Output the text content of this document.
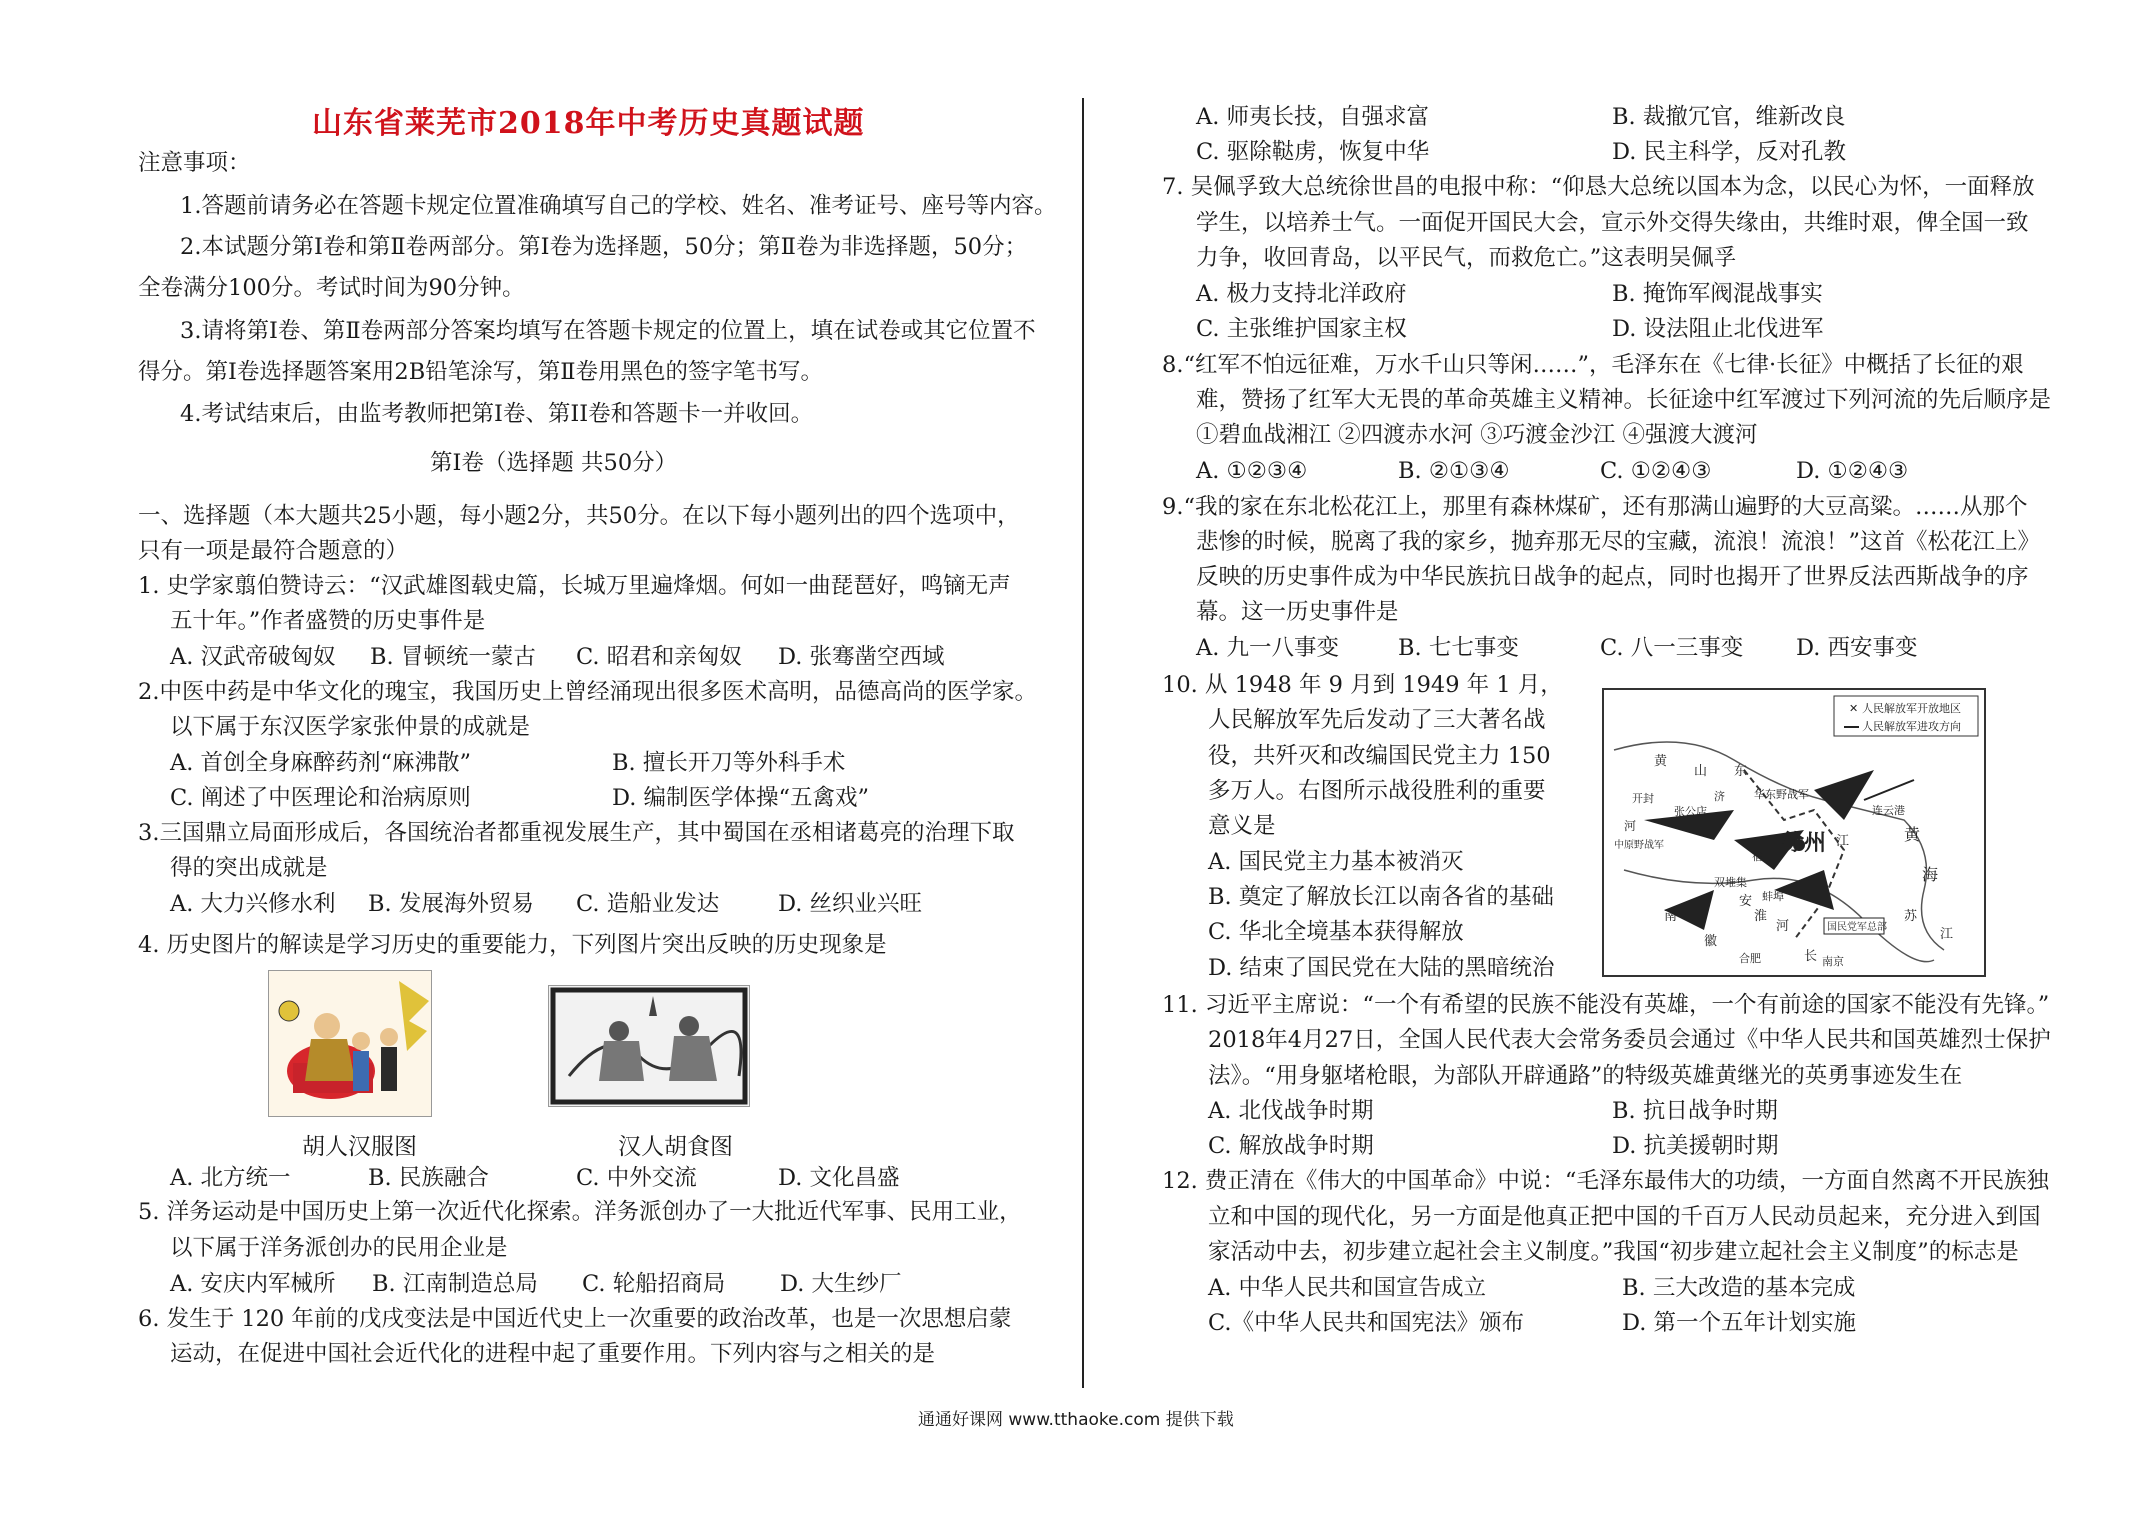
山东省莱芜市2018年中考历史真题试题
注意事项：
1.答题前请务必在答题卡规定位置准确填写自己的学校、姓名、准考证号、座号等内容。
2.本试题分第Ⅰ卷和第Ⅱ卷两部分。第Ⅰ卷为选择题，50分；第Ⅱ卷为非选择题，50分；
全卷满分100分。考试时间为90分钟。
3.请将第Ⅰ卷、第Ⅱ卷两部分答案均填写在答题卡规定的位置上，填在试卷或其它位置不
得分。第Ⅰ卷选择题答案用2B铅笔涂写，第Ⅱ卷用黑色的签字笔书写。
4.考试结束后，由监考教师把第Ⅰ卷、第II卷和答题卡一并收回。
第Ⅰ卷（选择题 共50分）
一、选择题（本大题共25小题，每小题2分，共50分。在以下每小题列出的四个选项中，
只有一项是最符合题意的）
1. 史学家翦伯赞诗云：“汉武雄图载史篇，长城万里遍烽烟。何如一曲琵琶好，鸣镝无声
五十年。”作者盛赞的历史事件是
A. 汉武帝破匈奴 B. 冒顿统一蒙古 C. 昭君和亲匈奴 D. 张骞凿空西域
2.中医中药是中华文化的瑰宝，我国历史上曾经涌现出很多医术高明，品德高尚的医学家。
以下属于东汉医学家张仲景的成就是
A. 首创全身麻醉药剂“麻沸散”	B. 擅长开刀等外科手术
C. 阐述了中医理论和治病原则	D. 编制医学体操“五禽戏”
3.三国鼎立局面形成后，各国统治者都重视发展生产，其中蜀国在丞相诸葛亮的治理下取
得的突出成就是
A. 大力兴修水利 B. 发展海外贸易 C. 造船业发达	D. 丝织业兴旺
4. 历史图片的解读是学习历史的重要能力，下列图片突出反映的历史现象是
胡人汉服图	汉人胡食图
A. 北方统一	B. 民族融合	C. 中外交流	D. 文化昌盛
5. 洋务运动是中国历史上第一次近代化探索。洋务派创办了一大批近代军事、民用工业，
以下属于洋务派创办的民用企业是
A. 安庆内军械所 B. 江南制造总局 C. 轮船招商局 D. 大生纱厂
6. 发生于 120 年前的戊戌变法是中国近代史上一次重要的政治改革，也是一次思想启蒙
运动，在促进中国社会近代化的进程中起了重要作用。下列内容与之相关的是
A. 师夷长技，自强求富	B. 裁撤冗官，维新改良
C. 驱除鞑虏，恢复中华	D. 民主科学，反对孔教
7. 吴佩孚致大总统徐世昌的电报中称：“仰恳大总统以国本为念，以民心为怀，一面释放
学生，以培养士气。一面促开国民大会，宣示外交得失缘由，共维时艰，俾全国一致
力争，收回青岛，以平民气，而救危亡。”这表明吴佩孚
A. 极力支持北洋政府	B. 掩饰军阀混战事实
C. 主张维护国家主权	D. 设法阻止北伐进军
8.“红军不怕远征难，万水千山只等闲……”，毛泽东在《七律·长征》中概括了长征的艰
难，赞扬了红军大无畏的革命英雄主义精神。长征途中红军渡过下列河流的先后顺序是
①碧血战湘江 ②四渡赤水河 ③巧渡金沙江 ④强渡大渡河
A. ①②③④	B. ②①③④	C. ①②④③	D. ①②④③
9.“我的家在东北松花江上，那里有森林煤矿，还有那满山遍野的大豆高粱。……从那个
悲惨的时候，脱离了我的家乡，抛弃那无尽的宝藏，流浪！流浪！”这首《松花江上》
反映的历史事件成为中华民族抗日战争的起点，同时也揭开了世界反法西斯战争的序
幕。这一历史事件是
A. 九一八事变	B. 七七事变	C. 八一三事变 D. 西安事变
10. 从 1948 年 9 月到 1949 年 1 月，
人民解放军先后发动了三大著名战
役，共歼灭和改编国民党主力 150
多万人。右图所示战役胜利的重要
意义是
A. 国民党主力基本被消灭
B. 奠定了解放长江以南各省的基础
C. 华北全境基本获得解放
D. 结束了国民党在大陆的黑暗统治
✕ 人民解放军开放地区
人民解放军进攻方向
黄
山 东
开封	济	华东野战军
连云港
黄
海
河
张公店
徐州 江
中原野战军
双堆集
宿
蚌埠
安
苏
南	淮
河
徽
合肥
国民党军总部
长 南京
江
11. 习近平主席说：“一个有希望的民族不能没有英雄，一个有前途的国家不能没有先锋。”
2018年4月27日，全国人民代表大会常务委员会通过《中华人民共和国英雄烈士保护
法》。“用身躯堵枪眼，为部队开辟通路”的特级英雄黄继光的英勇事迹发生在
A. 北伐战争时期	B. 抗日战争时期
C. 解放战争时期	D. 抗美援朝时期
12. 费正清在《伟大的中国革命》中说：“毛泽东最伟大的功绩，一方面自然离不开民族独
立和中国的现代化，另一方面是他真正把中国的千百万人民动员起来，充分进入到国
家活动中去，初步建立起社会主义制度。”我国“初步建立起社会主义制度”的标志是
A. 中华人民共和国宣告成立	B. 三大改造的基本完成
C.《中华人民共和国宪法》颁布	D. 第一个五年计划实施
通通好课网 www.tthaoke.com 提供下载
